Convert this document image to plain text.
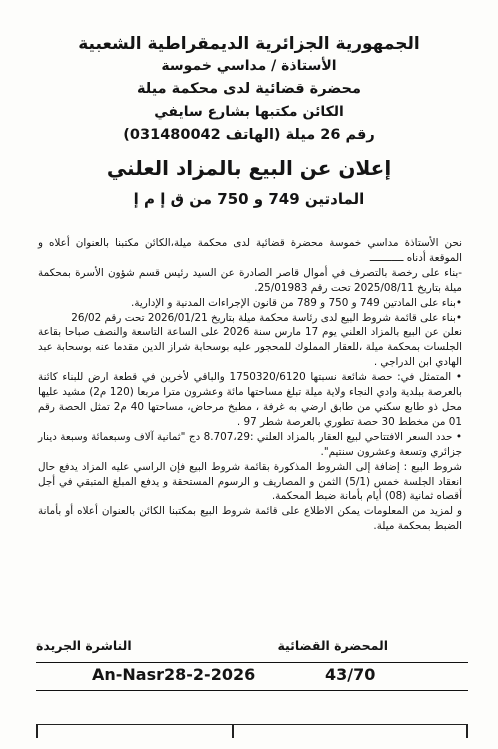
الجمهورية الجزائرية الديمقراطية الشعبية
الأستاذة / مداسي خموسة
محضرة قضائية لدى محكمة ميلة
الكائن مكتبها بشارع سايفي
رقم 26 ميلة (الهاتف 031480042)
إعلان عن البيع بالمزاد العلني
المادتين 749 و 750 من ق إ م إ

نحن الأستاذة مداسي خموسة محضرة قضائية لدى محكمة ميلة،الكائن مكتبنا بالعنوان أعلاه و الموقعة أدناه ـــــــــــ

-بناء على رخصة بالتصرف في أموال قاصر الصادرة عن السيد رئيس قسم شؤون الأسرة بمحكمة ميلة بتاريخ 2025/08/11 تحت رقم 25/01983.

•بناء على المادتين 749 و 750 و 789 من قانون الإجراءات المدنية و الإدارية.

•بناء على قائمة شروط البيع لدى رئاسة محكمة ميلة بتاريخ 2026/01/21 تحت رقم 26/02

نعلن عن البيع بالمزاد العلني يوم 17 مارس سنة 2026 على الساعة التاسعة والنصف صباحا بقاعة الجلسات بمحكمة ميلة ،للعقار المملوك للمحجور عليه بوسحابة شراز الدين مقدما عنه بوسحابة عبد الهادي ابن الدراجي .

• المتمثل في: حصة شائعة نسبتها 1750320/6120 والباقي لأخرين في قطعة ارض للبناء كائنة بالعرصة ببلدية وادي النجاء ولاية ميلة تبلغ مساحتها مائة وعشرون مترا مربعا (120 م2) مشيد عليها محل ذو طابع سكني من طابق ارضي به غرفة ، مطبخ مرحاض، مساحتها 40 م2 تمثل الحصة رقم 01 من مخطط 30 حصة تطوري بالعرصة شطر 97 .

• حدد السعر الافتتاحي لبيع العقار بالمزاد العلني :8.707،29 دج "ثمانية آلاف وسبعمائة وسبعة دينار جزائري وتسعة وعشرون سنتيم".

شروط البيع : إضافة إلى الشروط المذكورة بقائمة شروط البيع فإن الراسي عليه المزاد يدفع حال انعقاد الجلسة خمس (5/1) الثمن و المصاريف و الرسوم المستحقة و يدفع المبلغ المتبقي في أجل أقصاه ثمانية (08) أيام بأمانة ضبط المحكمة.

و لمزيد من المعلومات يمكن الاطلاع على قائمة شروط البيع بمكتبنا الكائن بالعنوان أعلاه أو بأمانة الضبط بمحكمة ميلة.

المحضرة القضائية
الناشرة الجريدة
An-Nasr28-2-2026	43/70
